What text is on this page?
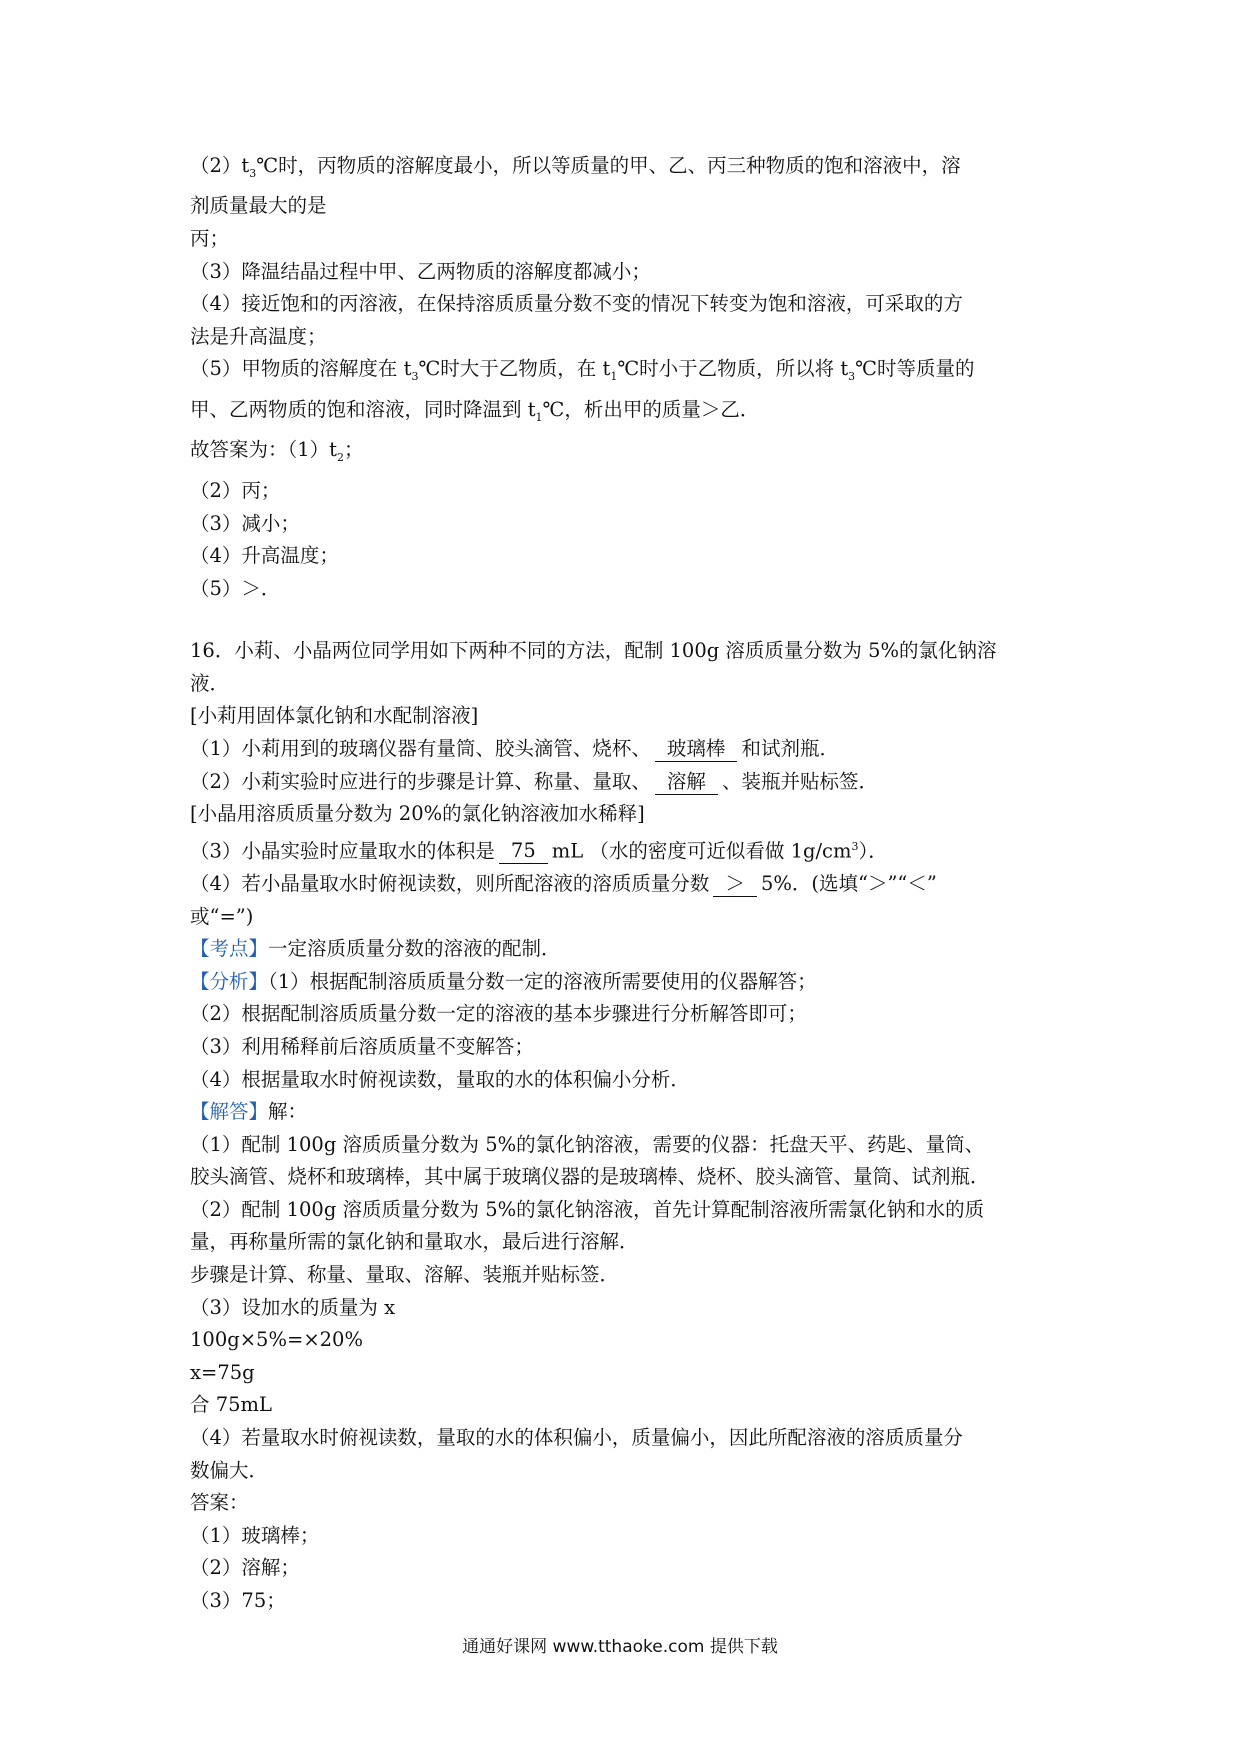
$(2)t_3℃$时，丙物质的溶解度最小，所以等质量的甲、乙、丙三种物质的饱和溶液中，溶
剂质量最大的是
丙；
（3）降温结晶过程中甲、乙两物质的溶解度都减小；
（4）接近饱和的丙溶液，在保持溶质质量分数不变的情况下转变为饱和溶液，可采取的方
法是升高温度；
（5）甲物质的溶解度在 $t_3℃$时大于乙物质，在 $t_1℃$时小于乙物质，所以将 $t_3℃$时等质量的
甲、乙两物质的饱和溶液，同时降温到 $t_1℃$，析出甲的质量＞乙．
故答案为：$(1)t_2$；
（2）丙；
（3）减小；
（4）升高温度；
（5）＞．
16．小莉、小晶两位同学用如下两种不同的方法，配制 100g 溶质质量分数为 5%的氯化钠溶
液．
[小莉用固体氯化钠和水配制溶液]
（1）小莉用到的玻璃仪器有量筒、胶头滴管、烧杯、 玻璃棒 和试剂瓶．
（2）小莉实验时应进行的步骤是计算、称量、量取、 溶解 、装瓶并贴标签．
[小晶用溶质质量分数为 20%的氯化钠溶液加水稀释]
（3）小晶实验时应量取水的体积是 75 mL （水的密度可近似看做 $1g/cm^3$）．
（4）若小晶量取水时俯视读数，则所配溶液的溶质质量分数 ＞ 5%．(选填“＞”“＜”
或“=”)
【考点】一定溶质质量分数的溶液的配制．
【分析】（1）根据配制溶质质量分数一定的溶液所需要使用的仪器解答；
（2）根据配制溶质质量分数一定的溶液的基本步骤进行分析解答即可；
（3）利用稀释前后溶质质量不变解答；
（4）根据量取水时俯视读数，量取的水的体积偏小分析．
【解答】解：
（1）配制 100g 溶质质量分数为 5%的氯化钠溶液，需要的仪器：托盘天平、药匙、量筒、
胶头滴管、烧杯和玻璃棒，其中属于玻璃仪器的是玻璃棒、烧杯、胶头滴管、量筒、试剂瓶．
（2）配制 100g 溶质质量分数为 5%的氯化钠溶液，首先计算配制溶液所需氯化钠和水的质
量，再称量所需的氯化钠和量取水，最后进行溶解．
步骤是计算、称量、量取、溶解、装瓶并贴标签．
（3）设加水的质量为 x
100g×5%=×20%
x=75g
合 75mL
（4）若量取水时俯视读数，量取的水的体积偏小，质量偏小，因此所配溶液的溶质质量分
数偏大．
答案：
（1）玻璃棒；
（2）溶解；
（3）75；
通通好课网 www.tthaoke.com 提供下载
